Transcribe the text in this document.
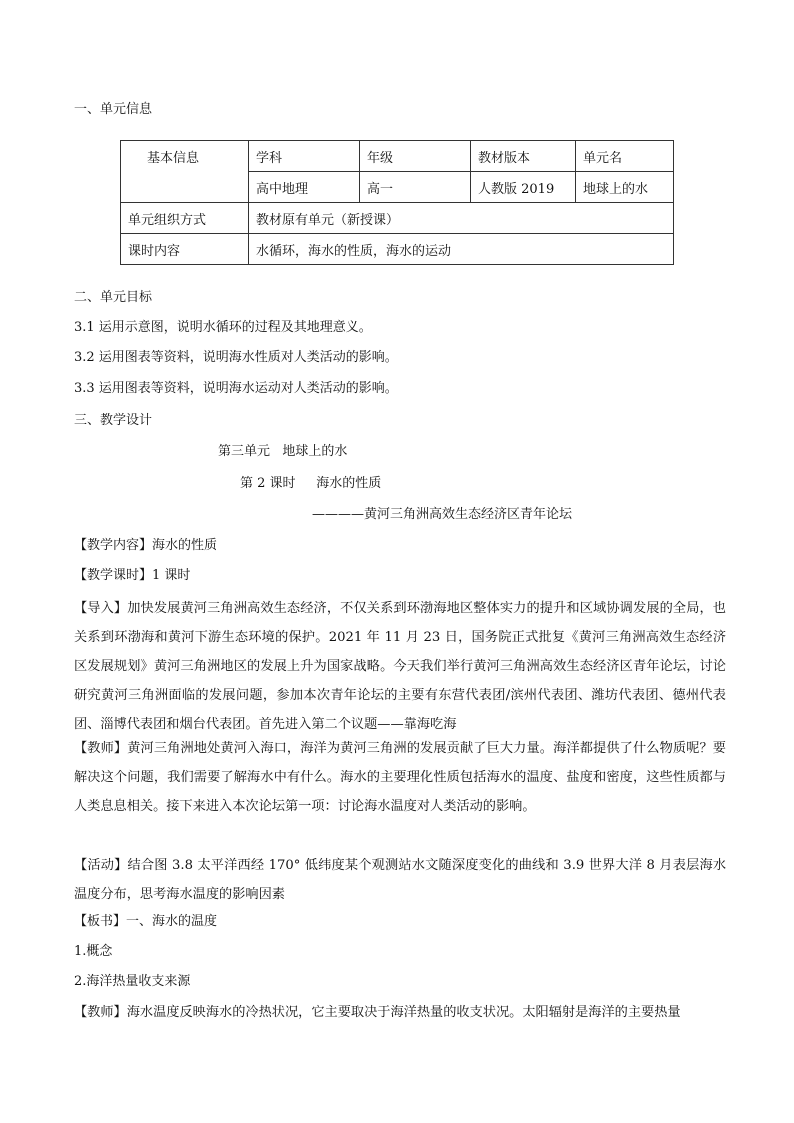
一、单元信息
基本信息	学科	年级	教材版本	单元名
	高中地理	高一	人教版 2019	地球上的水
单元组织方式	教材原有单元（新授课）			
课时内容	水循环，海水的性质，海水的运动			
二、单元目标
3.1 运用示意图，说明水循环的过程及其地理意义。
3.2 运用图表等资料，说明海水性质对人类活动的影响。
3.3 运用图表等资料，说明海水运动对人类活动的影响。
三、教学设计
第三单元   地球上的水
第 2 课时     海水的性质
————黄河三角洲高效生态经济区青年论坛
【教学内容】海水的性质
【教学课时】1 课时
【导入】加快发展黄河三角洲高效生态经济，不仅关系到环渤海地区整体实力的提升和区域协调发展的全局，也关系到环渤海和黄河下游生态环境的保护。2021 年 11 月 23 日，国务院正式批复《黄河三角洲高效生态经济区发展规划》黄河三角洲地区的发展上升为国家战略。今天我们举行黄河三角洲高效生态经济区青年论坛，讨论研究黄河三角洲面临的发展问题，参加本次青年论坛的主要有东营代表团/滨州代表团、潍坊代表团、德州代表团、淄博代表团和烟台代表团。首先进入第二个议题——靠海吃海
【教师】黄河三角洲地处黄河入海口，海洋为黄河三角洲的发展贡献了巨大力量。海洋都提供了什么物质呢？要解决这个问题，我们需要了解海水中有什么。海水的主要理化性质包括海水的温度、盐度和密度，这些性质都与人类息息相关。接下来进入本次论坛第一项：讨论海水温度对人类活动的影响。
【活动】结合图 3.8 太平洋西经 170° 低纬度某个观测站水文随深度变化的曲线和 3.9 世界大洋 8 月表层海水温度分布，思考海水温度的影响因素
【板书】一、海水的温度
1.概念
2.海洋热量收支来源
【教师】海水温度反映海水的冷热状况，它主要取决于海洋热量的收支状况。太阳辐射是海洋的主要热量
